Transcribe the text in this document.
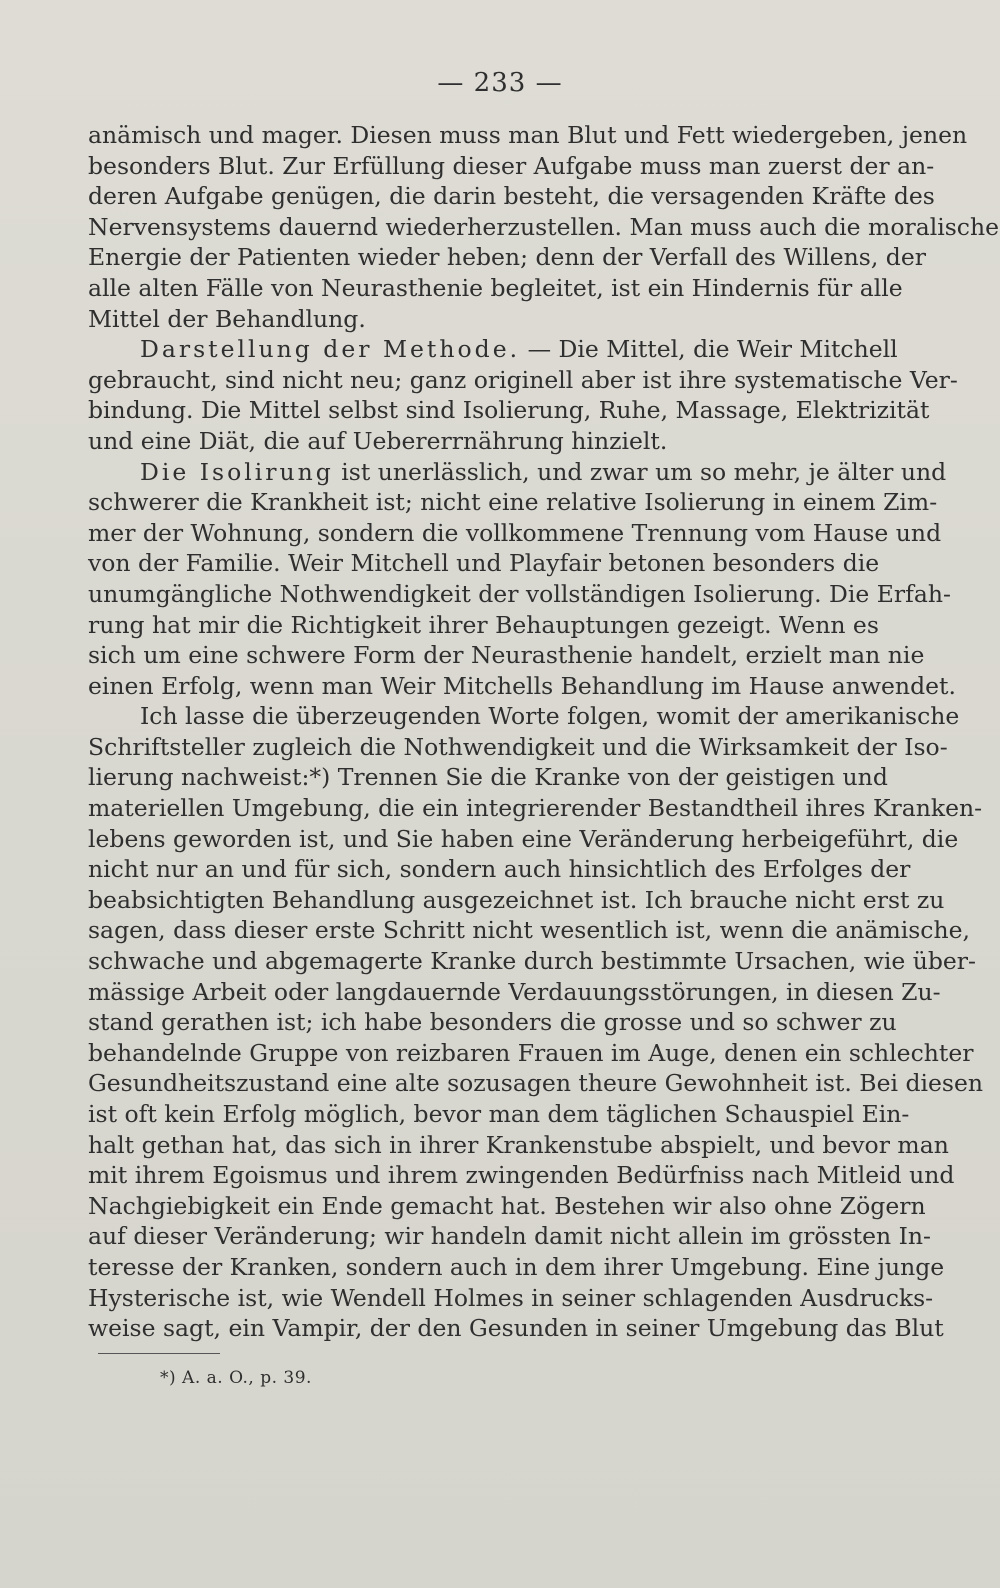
— 233 —
anämisch und mager. Diesen muss man Blut und Fett wiedergeben, jenen
besonders Blut. Zur Erfüllung dieser Aufgabe muss man zuerst der an-
deren Aufgabe genügen, die darin besteht, die versagenden Kräfte des
Nervensystems dauernd wiederherzustellen. Man muss auch die moralische
Energie der Patienten wieder heben; denn der Verfall des Willens, der
alle alten Fälle von Neurasthenie begleitet, ist ein Hindernis für alle
Mittel der Behandlung.
Darstellung der Methode. — Die Mittel, die Weir Mitchell
gebraucht, sind nicht neu; ganz originell aber ist ihre systematische Ver-
bindung. Die Mittel selbst sind Isolierung, Ruhe, Massage, Elektrizität
und eine Diät, die auf Uebererrnährung hinzielt.
Die Isolirung ist unerlässlich, und zwar um so mehr, je älter und
schwerer die Krankheit ist; nicht eine relative Isolierung in einem Zim-
mer der Wohnung, sondern die vollkommene Trennung vom Hause und
von der Familie. Weir Mitchell und Playfair betonen besonders die
unumgängliche Nothwendigkeit der vollständigen Isolierung. Die Erfah-
rung hat mir die Richtigkeit ihrer Behauptungen gezeigt. Wenn es
sich um eine schwere Form der Neurasthenie handelt, erzielt man nie
einen Erfolg, wenn man Weir Mitchells Behandlung im Hause anwendet.
Ich lasse die überzeugenden Worte folgen, womit der amerikanische
Schriftsteller zugleich die Nothwendigkeit und die Wirksamkeit der Iso-
lierung nachweist:*) Trennen Sie die Kranke von der geistigen und
materiellen Umgebung, die ein integrierender Bestandtheil ihres Kranken-
lebens geworden ist, und Sie haben eine Veränderung herbeigeführt, die
nicht nur an und für sich, sondern auch hinsichtlich des Erfolges der
beabsichtigten Behandlung ausgezeichnet ist. Ich brauche nicht erst zu
sagen, dass dieser erste Schritt nicht wesentlich ist, wenn die anämische,
schwache und abgemagerte Kranke durch bestimmte Ursachen, wie über-
mässige Arbeit oder langdauernde Verdauungsstörungen, in diesen Zu-
stand gerathen ist; ich habe besonders die grosse und so schwer zu
behandelnde Gruppe von reizbaren Frauen im Auge, denen ein schlechter
Gesundheitszustand eine alte sozusagen theure Gewohnheit ist. Bei diesen
ist oft kein Erfolg möglich, bevor man dem täglichen Schauspiel Ein-
halt gethan hat, das sich in ihrer Krankenstube abspielt, und bevor man
mit ihrem Egoismus und ihrem zwingenden Bedürfniss nach Mitleid und
Nachgiebigkeit ein Ende gemacht hat. Bestehen wir also ohne Zögern
auf dieser Veränderung; wir handeln damit nicht allein im grössten In-
teresse der Kranken, sondern auch in dem ihrer Umgebung. Eine junge
Hysterische ist, wie Wendell Holmes in seiner schlagenden Ausdrucks-
weise sagt, ein Vampir, der den Gesunden in seiner Umgebung das Blut
*) A. a. O., p. 39.
